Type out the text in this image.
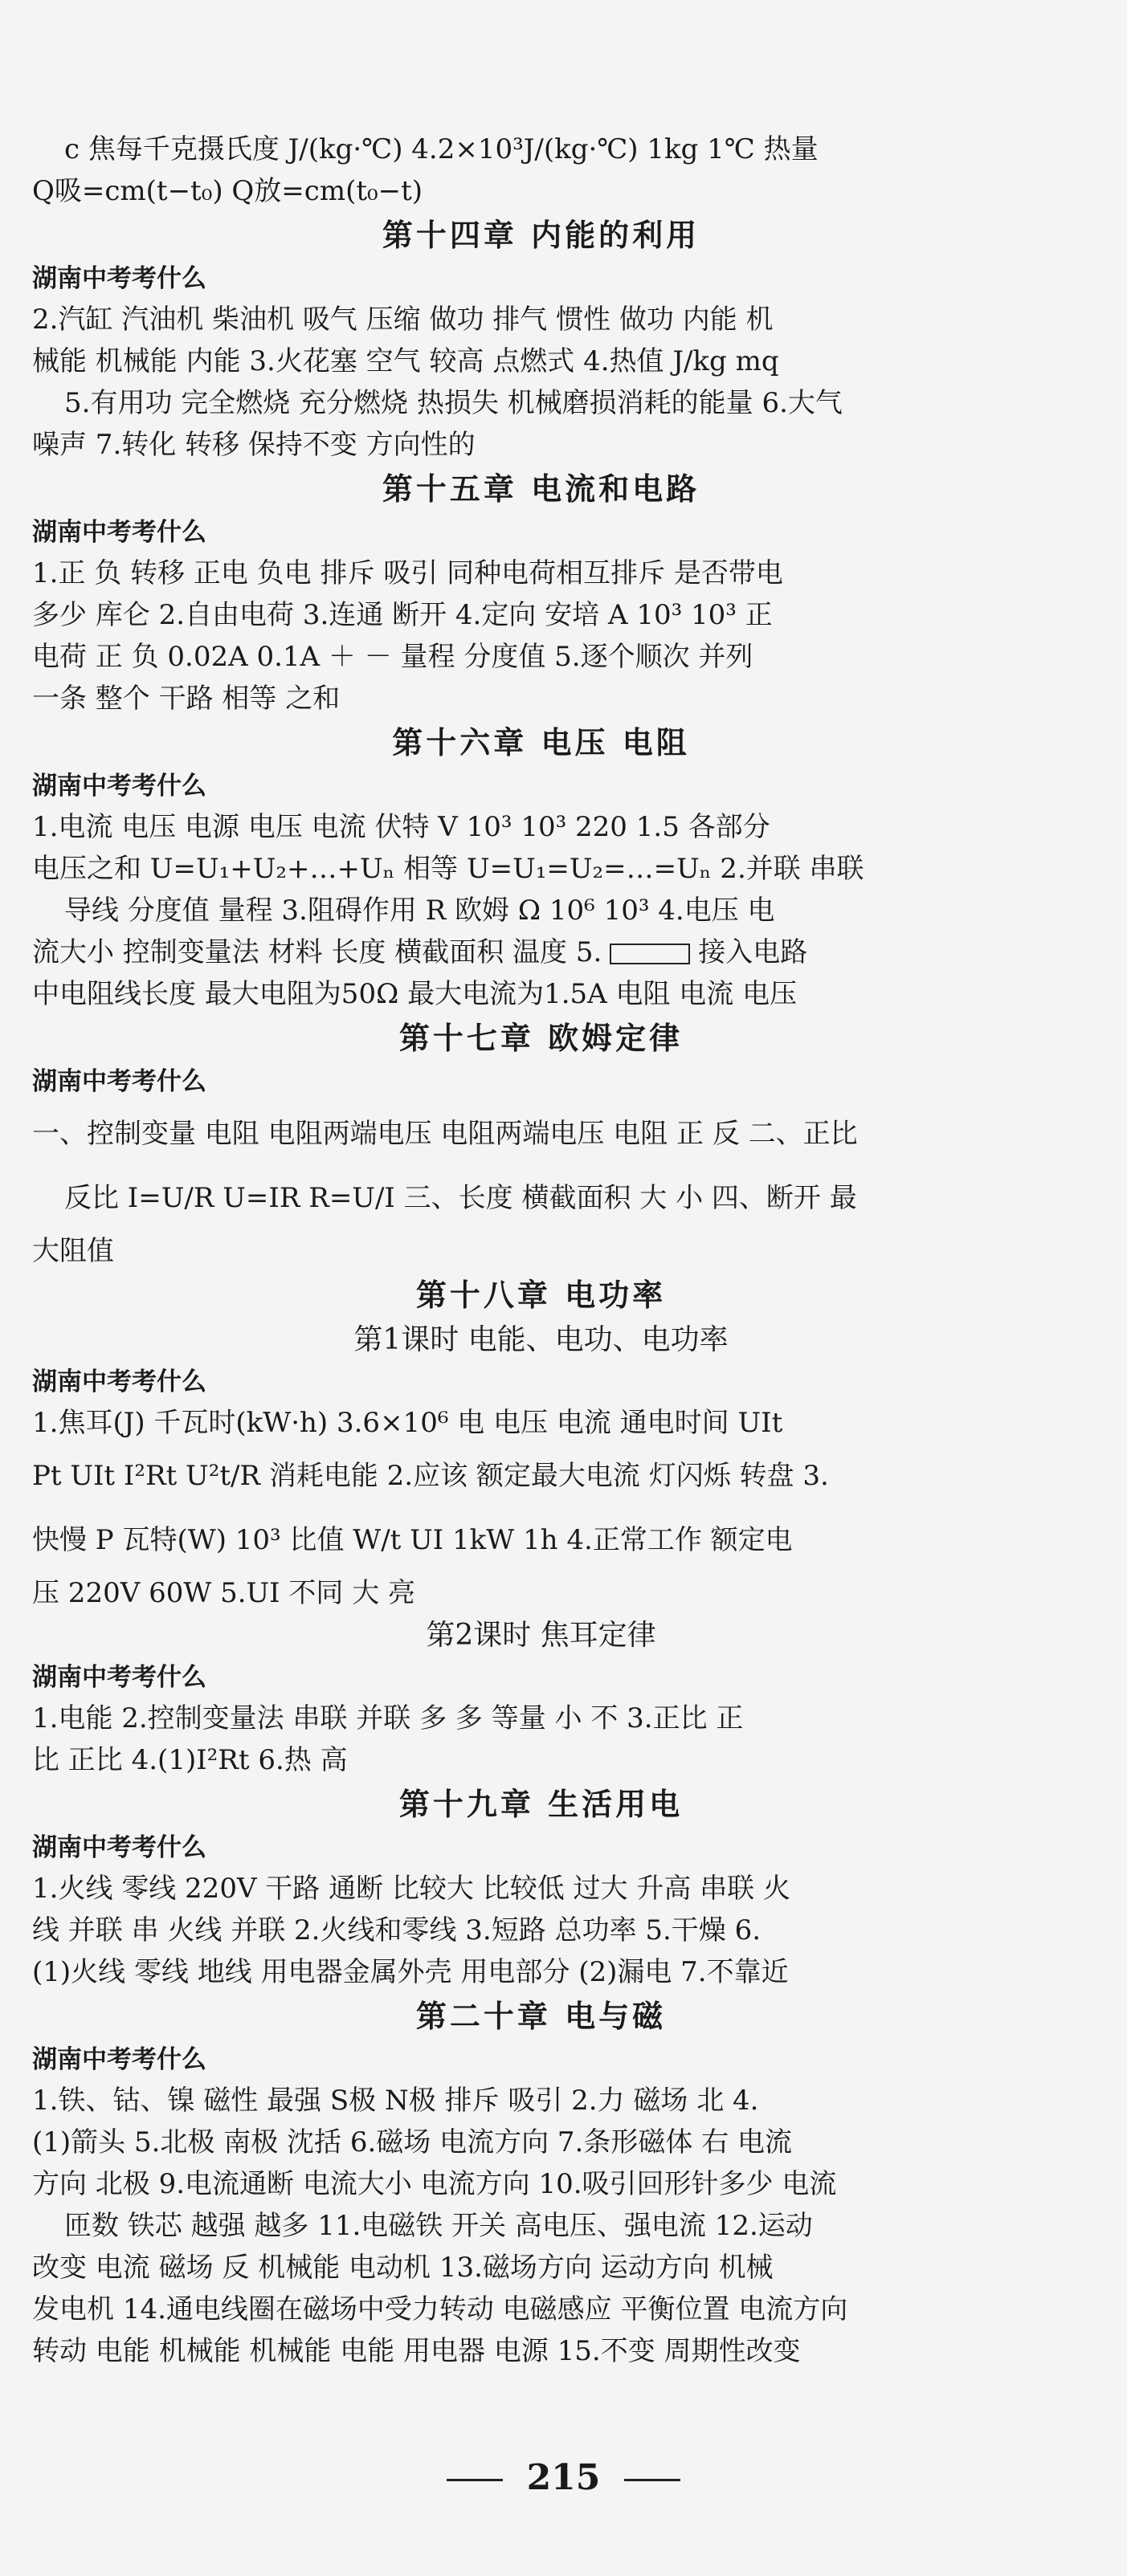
c 焦每千克摄氏度 J/(kg·℃) 4.2×10³J/(kg·℃) 1kg 1℃ 热量
Q吸=cm(t−t₀) Q放=cm(t₀−t)
第十四章 内能的利用
湖南中考考什么
2.汽缸 汽油机 柴油机 吸气 压缩 做功 排气 惯性 做功 内能 机
械能 机械能 内能 3.火花塞 空气 较高 点燃式 4.热值 J/kg mq
5.有用功 完全燃烧 充分燃烧 热损失 机械磨损消耗的能量 6.大气
噪声 7.转化 转移 保持不变 方向性的
第十五章 电流和电路
湖南中考考什么
1.正 负 转移 正电 负电 排斥 吸引 同种电荷相互排斥 是否带电
多少 库仑 2.自由电荷 3.连通 断开 4.定向 安培 A 10³ 10³ 正
电荷 正 负 0.02A 0.1A ＋ － 量程 分度值 5.逐个顺次 并列
一条 整个 干路 相等 之和
第十六章 电压 电阻
湖南中考考什么
1.电流 电压 电源 电压 电流 伏特 V 10³ 10³ 220 1.5 各部分
电压之和 U=U₁+U₂+…+Uₙ 相等 U=U₁=U₂=…=Uₙ 2.并联 串联
导线 分度值 量程 3.阻碍作用 R 欧姆 Ω 10⁶ 10³ 4.电压 电
流大小 控制变量法 材料 长度 横截面积 温度 5.	接入电路
中电阻线长度 最大电阻为50Ω 最大电流为1.5A 电阻 电流 电压
第十七章 欧姆定律
湖南中考考什么
一、控制变量 电阻 电阻两端电压 电阻两端电压 电阻 正 反 二、正比
反比 I=U/R U=IR R=U/I 三、长度 横截面积 大 小 四、断开 最
大阻值
第十八章 电功率
第1课时 电能、电功、电功率
湖南中考考什么
1.焦耳(J) 千瓦时(kW·h) 3.6×10⁶ 电 电压 电流 通电时间 UIt
Pt UIt I²Rt U²t/R 消耗电能 2.应该 额定最大电流 灯闪烁 转盘 3.
快慢 P 瓦特(W) 10³ 比值 W/t UI 1kW 1h 4.正常工作 额定电
压 220V 60W 5.UI 不同 大 亮
第2课时 焦耳定律
湖南中考考什么
1.电能 2.控制变量法 串联 并联 多 多 等量 小 不 3.正比 正
比 正比 4.(1)I²Rt 6.热 高
第十九章 生活用电
湖南中考考什么
1.火线 零线 220V 干路 通断 比较大 比较低 过大 升高 串联 火
线 并联 串 火线 并联 2.火线和零线 3.短路 总功率 5.干燥 6.
(1)火线 零线 地线 用电器金属外壳 用电部分 (2)漏电 7.不靠近
第二十章 电与磁
湖南中考考什么
1.铁、钴、镍 磁性 最强 S极 N极 排斥 吸引 2.力 磁场 北 4.
(1)箭头 5.北极 南极 沈括 6.磁场 电流方向 7.条形磁体 右 电流
方向 北极 9.电流通断 电流大小 电流方向 10.吸引回形针多少 电流
匝数 铁芯 越强 越多 11.电磁铁 开关 高电压、强电流 12.运动
改变 电流 磁场 反 机械能 电动机 13.磁场方向 运动方向 机械
发电机 14.通电线圈在磁场中受力转动 电磁感应 平衡位置 电流方向
转动 电能 机械能 机械能 电能 用电器 电源 15.不变 周期性改变
215
